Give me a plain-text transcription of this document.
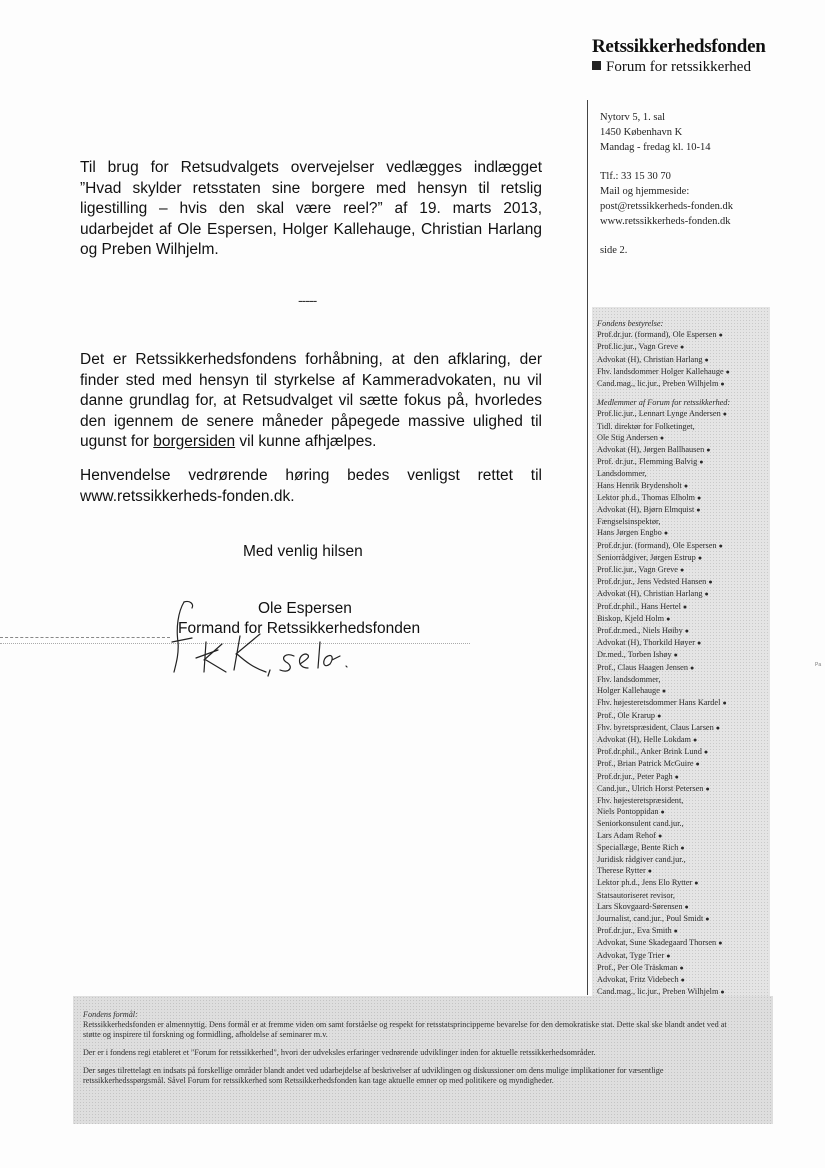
Retssikkerhedsfonden
Forum for retssikkerhed
Nytorv 5, 1. sal
1450 København K
Mandag - fredag kl. 10-14
Tlf.: 33 15 30 70
Mail og hjemmeside:
post@retssikkerheds-fonden.dk
www.retssikkerheds-fonden.dk
side 2.
Til brug for Retsudvalgets overvejelser vedlægges indlægget ”Hvad skylder retsstaten sine borgere med hensyn til retslig ligestilling – hvis den skal være reel?” af 19. marts 2013, udarbejdet af Ole Espersen, Holger Kallehauge, Christian Harlang og Preben Wilhjelm.
-----
Det er Retssikkerhedsfondens forhåbning, at den afklaring, der finder sted med hensyn til styrkelse af Kammeradvokaten, nu vil danne grundlag for, at Retsudvalget vil sætte fokus på, hvorledes den igennem de senere måneder påpegede massive ulighed til ugunst for borgersiden vil kunne afhjælpes.
Henvendelse vedrørende høring bedes venligst rettet til www.retssikkerheds-fonden.dk.
Med venlig hilsen
Ole Espersen
Formand for Retssikkerhedsfonden
Fondens bestyrelse:
Prof.dr.jur. (formand), Ole Espersen ●
Prof.lic.jur., Vagn Greve ●
Advokat (H), Christian Harlang ●
Fhv. landsdommer Holger Kallehauge ●
Cand.mag., lic.jur., Preben Wilhjelm ●
Medlemmer af Forum for retssikkerhed:
Prof.lic.jur., Lennart Lynge Andersen ●
Tidl. direktør for Folketinget,
Ole Stig Andersen ●
Advokat (H), Jørgen Ballhausen ●
Prof. dr.jur., Flemming Balvig ●
Landsdommer,
Hans Henrik Brydensholt ●
Lektor ph.d., Thomas Elholm ●
Advokat (H), Bjørn Elmquist ●
Fængselsinspektør,
Hans Jørgen Engbo ●
Prof.dr.jur. (formand), Ole Espersen ●
Seniorrådgiver, Jørgen Estrup ●
Prof.lic.jur., Vagn Greve ●
Prof.dr.jur., Jens Vedsted Hansen ●
Advokat (H), Christian Harlang ●
Prof.dr.phil., Hans Hertel ●
Biskop, Kjeld Holm ●
Prof.dr.med., Niels Høiby ●
Advokat (H), Thorkild Høyer ●
Dr.med., Torben Ishøy ●
Prof., Claus Haagen Jensen ●
Fhv. landsdommer,
Holger Kallehauge ●
Fhv. højesteretsdommer Hans Kardel ●
Prof., Ole Krarup ●
Fhv. byretspræsident, Claus Larsen ●
Advokat (H), Helle Lokdam ●
Prof.dr.phil., Anker Brink Lund ●
Prof., Brian Patrick McGuire ●
Prof.dr.jur., Peter Pagh ●
Cand.jur., Ulrich Horst Petersen ●
Fhv. højesteretspræsident,
Niels Pontoppidan ●
Seniorkonsulent cand.jur.,
Lars Adam Rehof ●
Speciallæge, Bente Rich ●
Juridisk rådgiver cand.jur.,
Therese Rytter ●
Lektor ph.d., Jens Elo Rytter ●
Statsautoriseret revisor,
Lars Skovgaard-Sørensen ●
Journalist, cand.jur., Poul Smidt ●
Prof.dr.jur., Eva Smith ●
Advokat, Sune Skadegaard Thorsen ●
Advokat, Tyge Trier ●
Prof., Per Ole Träskman ●
Advokat, Fritz Videbech ●
Cand.mag., lic.jur., Preben Wilhjelm ●
Fondens formål:

Retssikkerhedsfonden er almennyttig. Dens formål er at fremme viden om samt forståelse og respekt for retsstatsprincipperne bevarelse for den demokratiske stat. Dette skal ske blandt andet ved at støtte og inspirere til forskning og formidling, afholdelse af seminarer m.v.

Der er i fondens regi etableret et "Forum for retssikkerhed", hvori der udveksles erfaringer vedrørende udviklinger inden for aktuelle retssikkerhedsområder.

Der søges tilrettelagt en indsats på forskellige områder blandt andet ved udarbejdelse af beskrivelser af udviklingen og diskussioner om dens mulige implikationer for væsentlige retssikkerhedsspørgsmål. Såvel Forum for retssikkerhed som Retssikkerhedsfonden kan tage aktuelle emner op med politikere og myndigheder.

Pa
